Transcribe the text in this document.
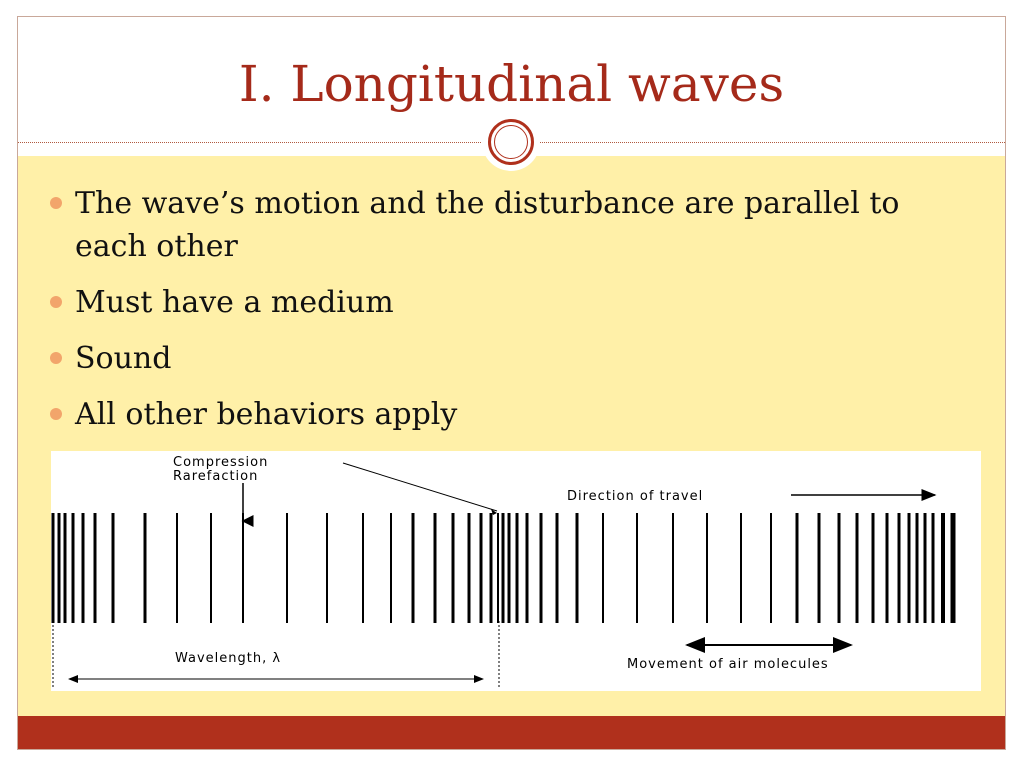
I. Longitudinal waves
The wave’s motion and the disturbance are parallel to each other
Must have a medium
Sound
All other behaviors apply
Compression
Rarefaction
Direction of travel
Wavelength, λ	Movement of air molecules
